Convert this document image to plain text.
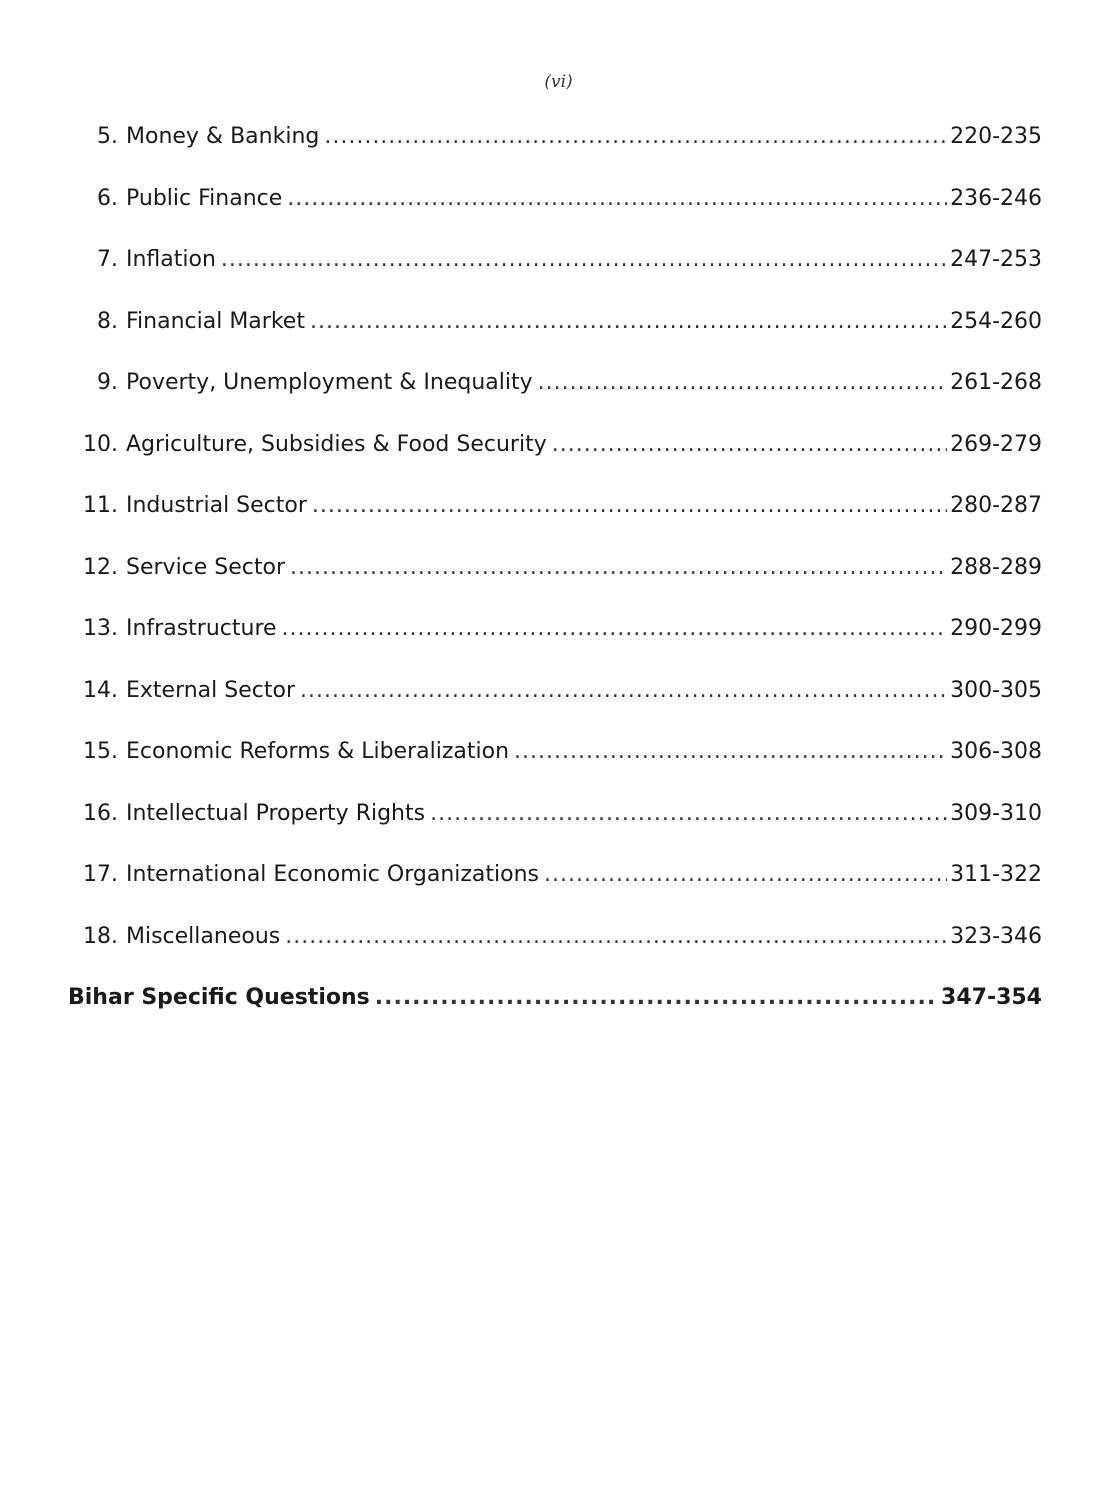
(vi)
5. Money & Banking .....	220-235
6. Public Finance .....	236-246
7. Inflation .....	247-253
8. Financial Market .....	254-260
9. Poverty, Unemployment & Inequality .....	261-268
10. Agriculture, Subsidies & Food Security .....	269-279
11. Industrial Sector .....	280-287
12. Service Sector .....	288-289
13. Infrastructure .....	290-299
14. External Sector .....	300-305
15. Economic Reforms & Liberalization .....	306-308
16. Intellectual Property Rights .....	309-310
17. International Economic Organizations .....	311-322
18. Miscellaneous .....	323-346
Bihar Specific Questions .....	347-354
